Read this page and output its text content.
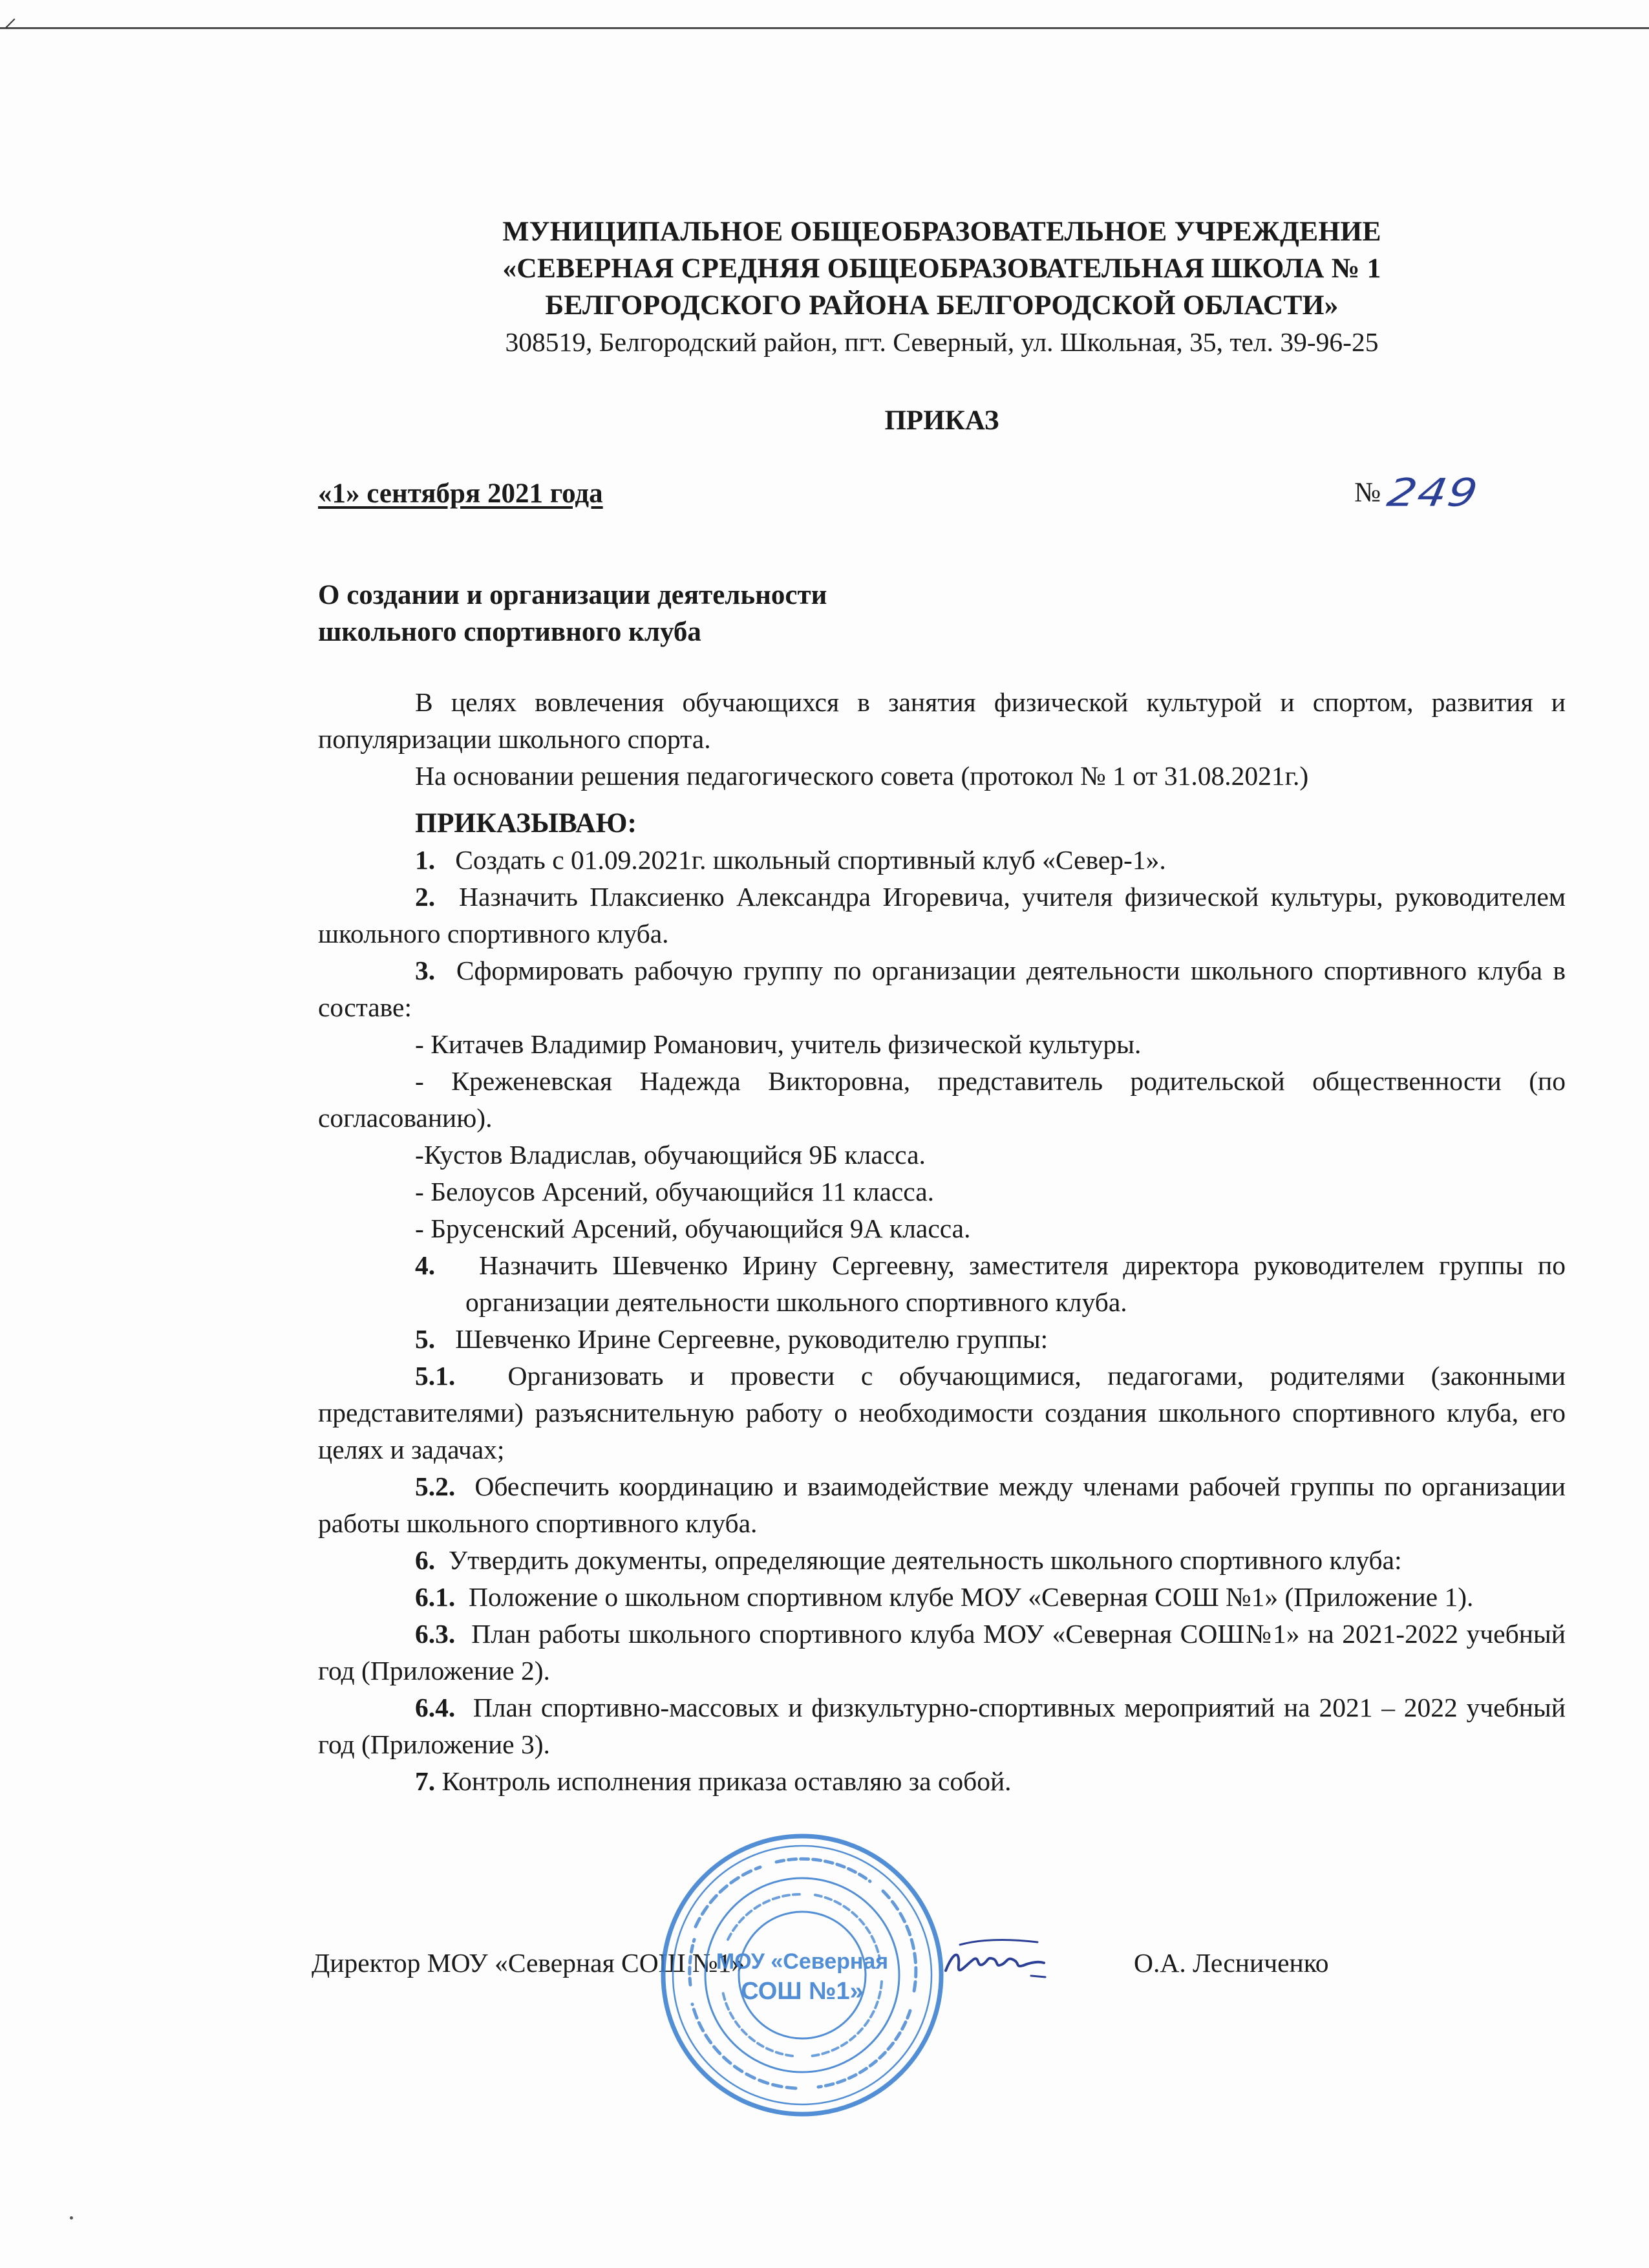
⸍
МУНИЦИПАЛЬНОЕ ОБЩЕОБРАЗОВАТЕЛЬНОЕ УЧРЕЖДЕНИЕ
«СЕВЕРНАЯ СРЕДНЯЯ ОБЩЕОБРАЗОВАТЕЛЬНАЯ ШКОЛА № 1
БЕЛГОРОДСКОГО РАЙОНА БЕЛГОРОДСКОЙ ОБЛАСТИ»
308519, Белгородский район, пгт. Северный, ул. Школьная, 35, тел. 39-96-25
ПРИКАЗ
«1» сентября 2021 года	№ 249
О создании и организации деятельности
школьного спортивного клуба

В целях вовлечения обучающихся в занятия физической культурой и спортом, развития и популяризации школьного спорта.

На основании решения педагогического совета (протокол № 1 от 31.08.2021г.)

ПРИКАЗЫВАЮ:

1. Создать с 01.09.2021г. школьный спортивный клуб «Север-1».

2. Назначить Плаксиенко Александра Игоревича, учителя физической культуры, руководителем школьного спортивного клуба.

3. Сформировать рабочую группу по организации деятельности школьного спортивного клуба в составе:

- Китачев Владимир Романович, учитель физической культуры.

- Креженевская Надежда Викторовна, представитель родительской общественности (по согласованию).

-Кустов Владислав, обучающийся 9Б класса.

- Белоусов Арсений, обучающийся 11 класса.

- Брусенский Арсений, обучающийся 9А класса.

4. Назначить Шевченко Ирину Сергеевну, заместителя директора руководителем группы по организации деятельности школьного спортивного клуба.

5. Шевченко Ирине Сергеевне, руководителю группы:

5.1. Организовать и провести с обучающимися, педагогами, родителями (законными представителями) разъяснительную работу о необходимости создания школьного спортивного клуба, его целях и задачах;

5.2. Обеспечить координацию и взаимодействие между членами рабочей группы по организации работы школьного спортивного клуба.

6. Утвердить документы, определяющие деятельность школьного спортивного клуба:

6.1. Положение о школьном спортивном клубе МОУ «Северная СОШ №1» (Приложение 1).

6.3. План работы школьного спортивного клуба МОУ «Северная СОШ№1» на 2021-2022 учебный год (Приложение 2).

6.4. План спортивно-массовых и физкультурно-спортивных мероприятий на 2021 – 2022 учебный год (Приложение 3).

7. Контроль исполнения приказа оставляю за собой.

Директор МОУ «Северная СОШ №1»	О.А. Лесниченко
МОУ «Северная
СОШ №1»
